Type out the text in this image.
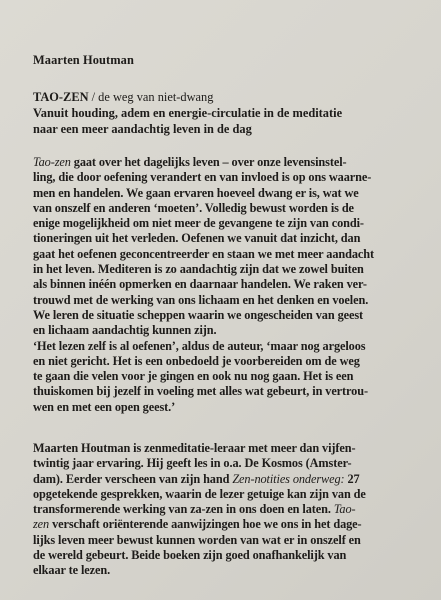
Maarten Houtman
TAO-ZEN / de weg van niet-dwang
Vanuit houding, adem en energie-circulatie in de meditatie
naar een meer aandachtig leven in de dag
Tao-zen gaat over het dagelijks leven – over onze levensinstel-
ling, die door oefening verandert en van invloed is op ons waarne-
men en handelen. We gaan ervaren hoeveel dwang er is, wat we
van onszelf en anderen ‘moeten’. Volledig bewust worden is de
enige mogelijkheid om niet meer de gevangene te zijn van condi-
tioneringen uit het verleden. Oefenen we vanuit dat inzicht, dan
gaat het oefenen geconcentreerder en staan we met meer aandacht
in het leven. Mediteren is zo aandachtig zijn dat we zowel buiten
als binnen inéén opmerken en daarnaar handelen. We raken ver-
trouwd met de werking van ons lichaam en het denken en voelen.
We leren de situatie scheppen waarin we ongescheiden van geest
en lichaam aandachtig kunnen zijn.
‘Het lezen zelf is al oefenen’, aldus de auteur, ‘maar nog argeloos
en niet gericht. Het is een onbedoeld je voorbereiden om de weg
te gaan die velen voor je gingen en ook nu nog gaan. Het is een
thuiskomen bij jezelf in voeling met alles wat gebeurt, in vertrou-
wen en met een open geest.’
Maarten Houtman is zenmeditatie-leraar met meer dan vijfen-
twintig jaar ervaring. Hij geeft les in o.a. De Kosmos (Amster-
dam). Eerder verscheen van zijn hand Zen-notities onderweg: 27
opgetekende gesprekken, waarin de lezer getuige kan zijn van de
transformerende werking van za-zen in ons doen en laten. Tao-
zen verschaft oriënterende aanwijzingen hoe we ons in het dage-
lijks leven meer bewust kunnen worden van wat er in onszelf en
de wereld gebeurt. Beide boeken zijn goed onafhankelijk van
elkaar te lezen.
